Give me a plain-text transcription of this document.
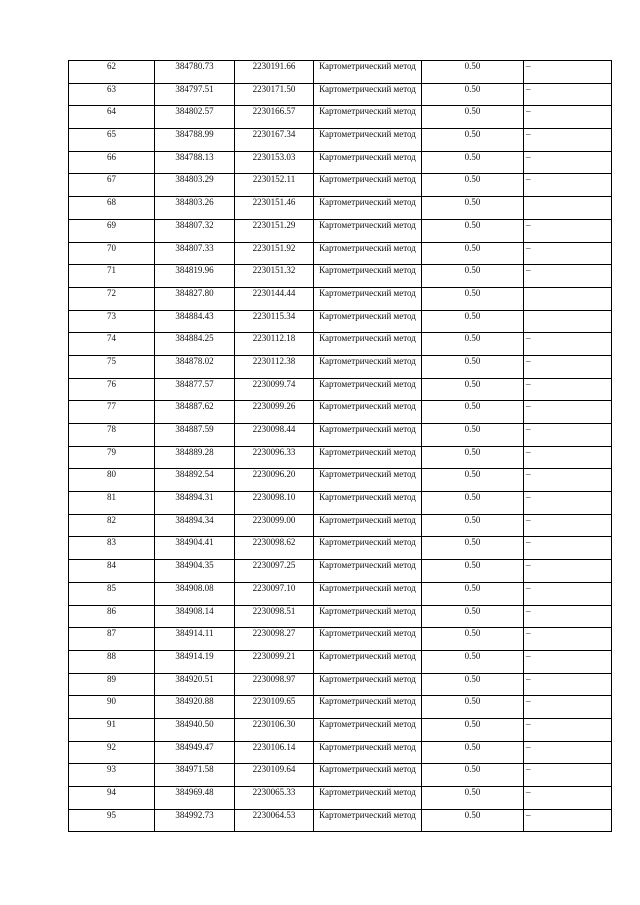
62	384780.73	2230191.66	Картометрический метод	0.50	–
63	384797.51	2230171.50	Картометрический метод	0.50	–
64	384802.57	2230166.57	Картометрический метод	0.50	–
65	384788.99	2230167.34	Картометрический метод	0.50	–
66	384788.13	2230153.03	Картометрический метод	0.50	–
67	384803.29	2230152.11	Картометрический метод	0.50	–
68	384803.26	2230151.46	Картометрический метод	0.50	
69	384807.32	2230151.29	Картометрический метод	0.50	–
70	384807.33	2230151.92	Картометрический метод	0.50	–
71	384819.96	2230151.32	Картометрический метод	0.50	–
72	384827.80	2230144.44	Картометрический метод	0.50	
73	384884.43	2230115.34	Картометрический метод	0.50	
74	384884.25	2230112.18	Картометрический метод	0.50	–
75	384878.02	2230112.38	Картометрический метод	0.50	–
76	384877.57	2230099.74	Картометрический метод	0.50	–
77	384887.62	2230099.26	Картометрический метод	0.50	–
78	384887.59	2230098.44	Картометрический метод	0.50	–
79	384889.28	2230096.33	Картометрический метод	0.50	–
80	384892.54	2230096.20	Картометрический метод	0.50	–
81	384894.31	2230098.10	Картометрический метод	0.50	–
82	384894.34	2230099.00	Картометрический метод	0.50	–
83	384904.41	2230098.62	Картометрический метод	0.50	–
84	384904.35	2230097.25	Картометрический метод	0.50	–
85	384908.08	2230097.10	Картометрический метод	0.50	–
86	384908.14	2230098.51	Картометрический метод	0.50	–
87	384914.11	2230098.27	Картометрический метод	0.50	–
88	384914.19	2230099.21	Картометрический метод	0.50	–
89	384920.51	2230098.97	Картометрический метод	0.50	–
90	384920.88	2230109.65	Картометрический метод	0.50	–
91	384940.50	2230106.30	Картометрический метод	0.50	–
92	384949.47	2230106.14	Картометрический метод	0.50	–
93	384971.58	2230109.64	Картометрический метод	0.50	–
94	384969.48	2230065.33	Картометрический метод	0.50	–
95	384992.73	2230064.53	Картометрический метод	0.50	–
